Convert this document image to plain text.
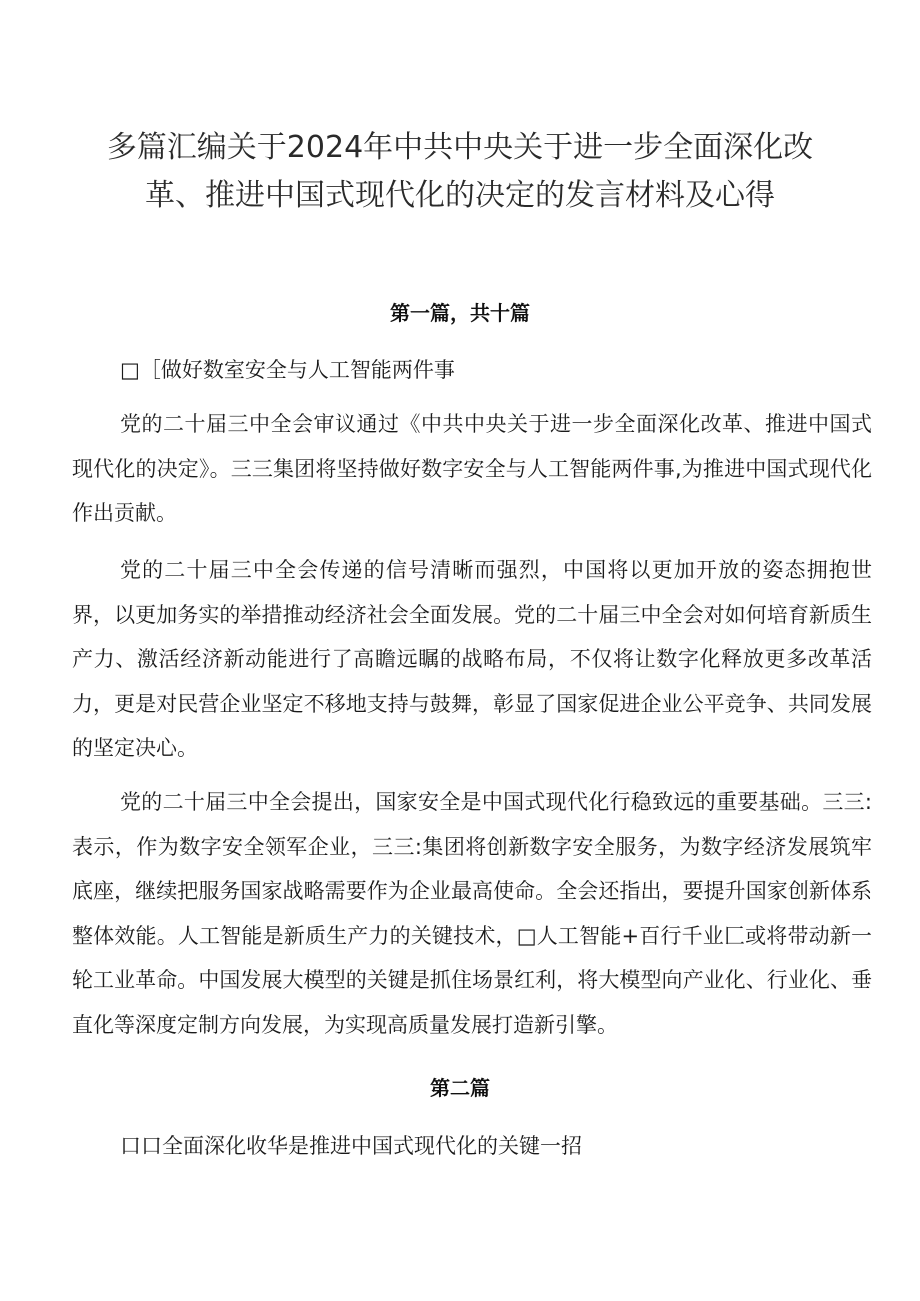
多篇汇编关于2024年中共中央关于进一步全面深化改
革、推进中国式现代化的决定的发言材料及心得
第一篇，共十篇
□［做好数室安全与人工智能两件事
党的二十届三中全会审议通过《中共中央关于进一步全面深化改革、推进中国式现代化的决定》。三三集团将坚持做好数字安全与人工智能两件事,为推进中国式现代化作出贡献。
党的二十届三中全会传递的信号清晰而强烈，中国将以更加开放的姿态拥抱世界，以更加务实的举措推动经济社会全面发展。党的二十届三中全会对如何培育新质生产力、激活经济新动能进行了高瞻远瞩的战略布局，不仅将让数字化释放更多改革活力，更是对民营企业坚定不移地支持与鼓舞，彰显了国家促进企业公平竞争、共同发展的坚定决心。
党的二十届三中全会提出，国家安全是中国式现代化行稳致远的重要基础。三三:表示，作为数字安全领军企业，三三:集团将创新数字安全服务，为数字经济发展筑牢底座，继续把服务国家战略需要作为企业最高使命。全会还指出，要提升国家创新体系整体效能。人工智能是新质生产力的关键技术，□人工智能+百行千业匚或将带动新一轮工业革命。中国发展大模型的关键是抓住场景红利，将大模型向产业化、行业化、垂直化等深度定制方向发展，为实现高质量发展打造新引擎。
第二篇
口口全面深化收华是推进中国式现代化的关键一招
